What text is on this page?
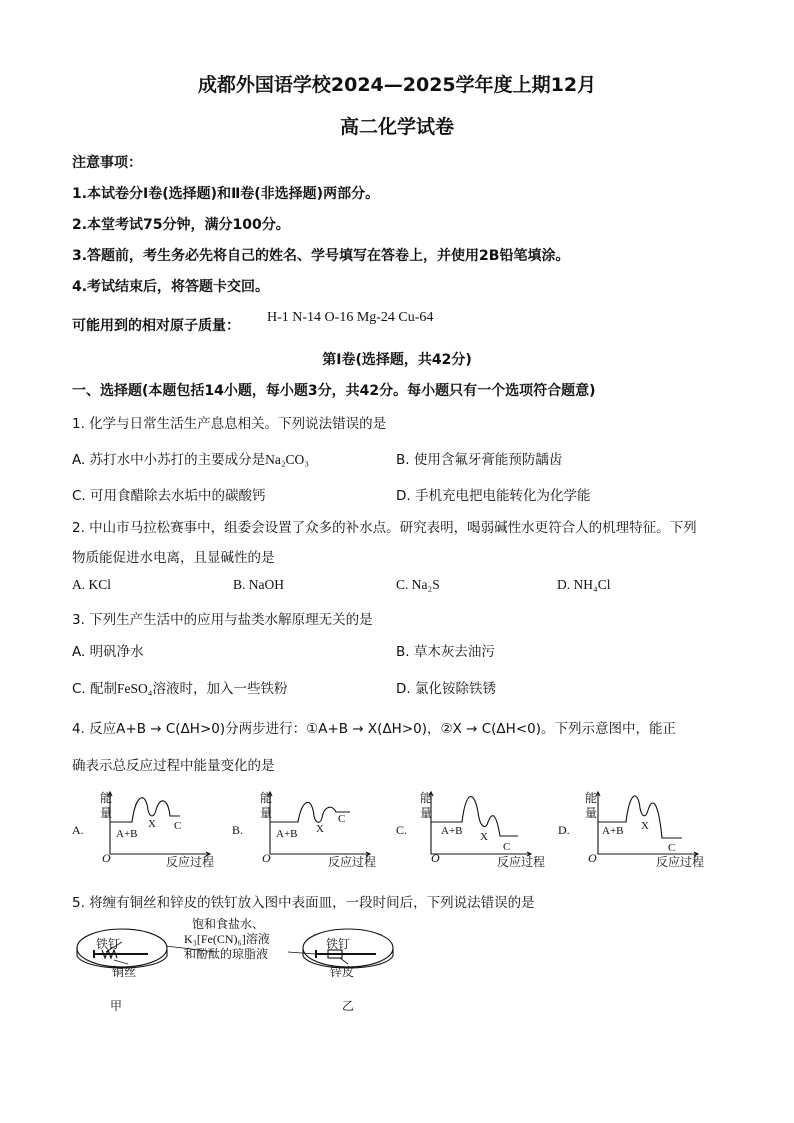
成都外国语学校2024—2025学年度上期12月
高二化学试卷
注意事项：
1.本试卷分Ⅰ卷(选择题)和Ⅱ卷(非选择题)两部分。
2.本堂考试75分钟，满分100分。
3.答题前，考生务必先将自己的姓名、学号填写在答卷上，并使用2B铅笔填涂。
4.考试结束后，将答题卡交回。
可能用到的相对原子质量：
H-1 N-14 O-16 Mg-24 Cu-64
第Ⅰ卷(选择题，共42分)
一、选择题(本题包括14小题，每小题3分，共42分。每小题只有一个选项符合题意)
1. 化学与日常生活生产息息相关。下列说法错误的是
A. 苏打水中小苏打的主要成分是Na₂CO₃	B. 使用含氟牙膏能预防龋齿
C. 可用食醋除去水垢中的碳酸钙	D. 手机充电把电能转化为化学能
2. 中山市马拉松赛事中，组委会设置了众多的补水点。研究表明，喝弱碱性水更符合人的机理特征。下列
物质能促进水电离，且显碱性的是
A. KCl	B. NaOH	C. Na₂S	D. NH₄Cl
3. 下列生产生活中的应用与盐类水解原理无关的是
A. 明矾净水	B. 草木灰去油污
C. 配制FeSO₄溶液时，加入一些铁粉	D. 氯化铵除铁锈
4. 反应A+B → C(ΔH>0)分两步进行：①A+B → X(ΔH>0)，②X → C(ΔH<0)。下列示意图中，能正
确表示总反应过程中能量变化的是
A.
能
量
O	反应过程
A+B
X C	B.
能
量
O	反应过程
A+B X
C
C.
能
量
O	反应过程
A+B X
C
D.
能
量
O	反应过程
A+B X
C
5. 将缠有铜丝和锌皮的铁钉放入图中表面皿，一段时间后，下列说法错误的是
铁钉
铜丝
甲
铁钉
锌皮
乙
饱和食盐水、
K₃[Fe(CN)₆]溶液
和酚酞的琼脂液
